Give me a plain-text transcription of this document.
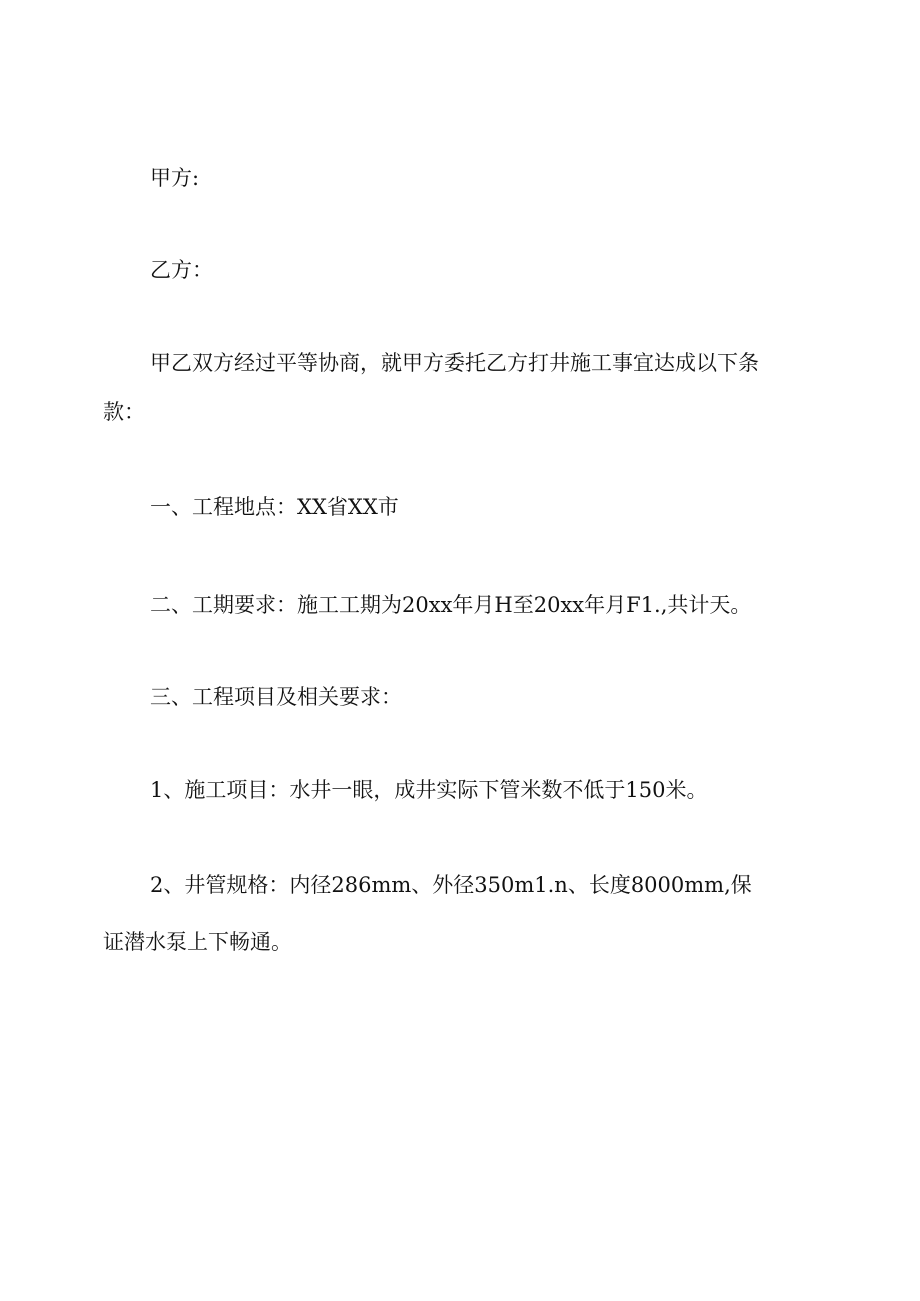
甲方:

乙方：

甲乙双方经过平等协商，就甲方委托乙方打井施工事宜达成以下条

款：

一、工程地点：XX省XX市

二、工期要求：施工工期为20xx年月H至20xx年月F1.,共计天。

三、工程项目及相关要求：

1、施工项目：水井一眼，成井实际下管米数不低于150米。

2、井管规格：内径286mm、外径350m1.n、长度8000mm,保

证潜水泵上下畅通。
